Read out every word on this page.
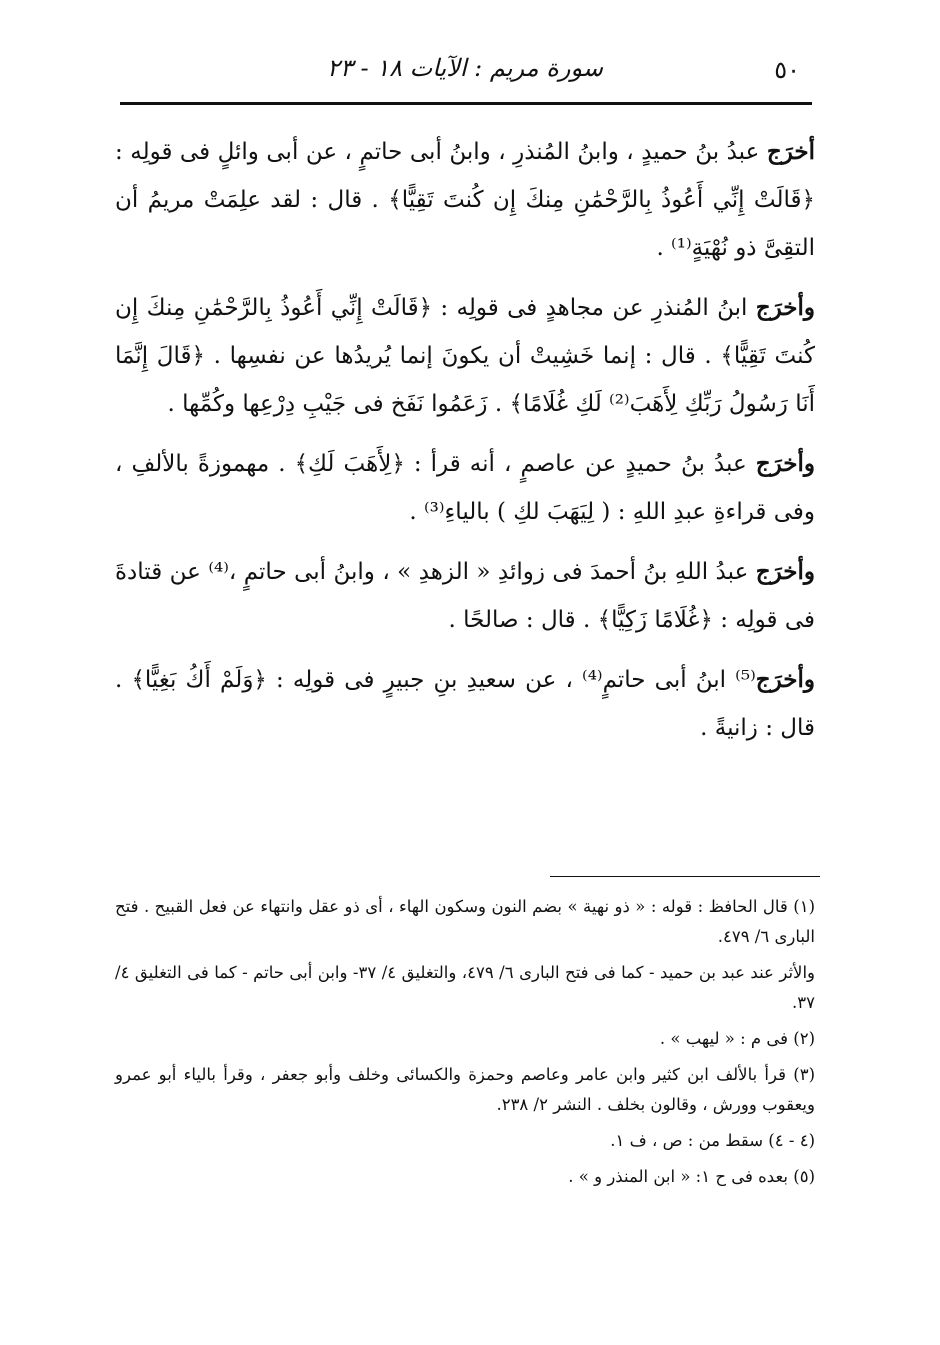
٥٠
سورة مريم : الآيات ١٨ - ٢٣

أخرَج عبدُ بنُ حميدٍ ، وابنُ المُنذرِ ، وابنُ أبى حاتمٍ ، عن أبى وائلٍ فى قولِه : ﴿قَالَتْ إِنِّي أَعُوذُ بِالرَّحْمَٰنِ مِنكَ إِن كُنتَ تَقِيًّا﴾ . قال : لقد علِمَتْ مريمُ أن التقِىَّ ذو نُهْيَةٍ⁽¹⁾ .

وأخرَج ابنُ المُنذرِ عن مجاهدٍ فى قولِه : ﴿قَالَتْ إِنِّي أَعُوذُ بِالرَّحْمَٰنِ مِنكَ إِن كُنتَ تَقِيًّا﴾ . قال : إنما خَشِيتْ أن يكونَ إنما يُريدُها عن نفسِها . ﴿قَالَ إِنَّمَا أَنَا رَسُولُ رَبِّكِ لِأَهَبَ⁽²⁾ لَكِ غُلَامًا﴾ . زَعَمُوا نَفَخ فى جَيْبِ دِرْعِها وكُمِّها .

وأخرَج عبدُ بنُ حميدٍ عن عاصمٍ ، أنه قرأ : ﴿لِأَهَبَ لَكِ﴾ . مهموزةً بالألفِ ، وفى قراءةِ عبدِ اللهِ : ( لِيَهَبَ لكِ ) بالياءِ⁽³⁾ .

وأخرَج عبدُ اللهِ بنُ أحمدَ فى زوائدِ « الزهدِ » ، وابنُ أبى حاتمٍ ،⁽⁴⁾ عن قتادةَ فى قولِه : ﴿غُلَامًا زَكِيًّا﴾ . قال : صالحًا .

وأخرَج⁽⁵⁾ ابنُ أبى حاتمٍ⁽⁴⁾ ، عن سعيدِ بنِ جبيرٍ فى قولِه : ﴿وَلَمْ أَكُ بَغِيًّا﴾ . قال : زانيةً .

(١) قال الحافظ : قوله : « ذو نهية » بضم النون وسكون الهاء ، أى ذو عقل وانتهاء عن فعل القبيح . فتح البارى ٦/ ٤٧٩.

والأثر عند عبد بن حميد - كما فى فتح البارى ٦/ ٤٧٩، والتغليق ٤/ ٣٧- وابن أبى حاتم - كما فى التغليق ٤/ ٣٧.

(٢) فى م : « ليهب » .

(٣) قرأ بالألف ابن كثير وابن عامر وعاصم وحمزة والكسائى وخلف وأبو جعفر ، وقرأ بالياء أبو عمرو ويعقوب وورش ، وقالون بخلف . النشر ٢/ ٢٣٨.

(٤ - ٤) سقط من : ص ، ف ١.

(٥) بعده فى ح ١: « ابن المنذر و » .
